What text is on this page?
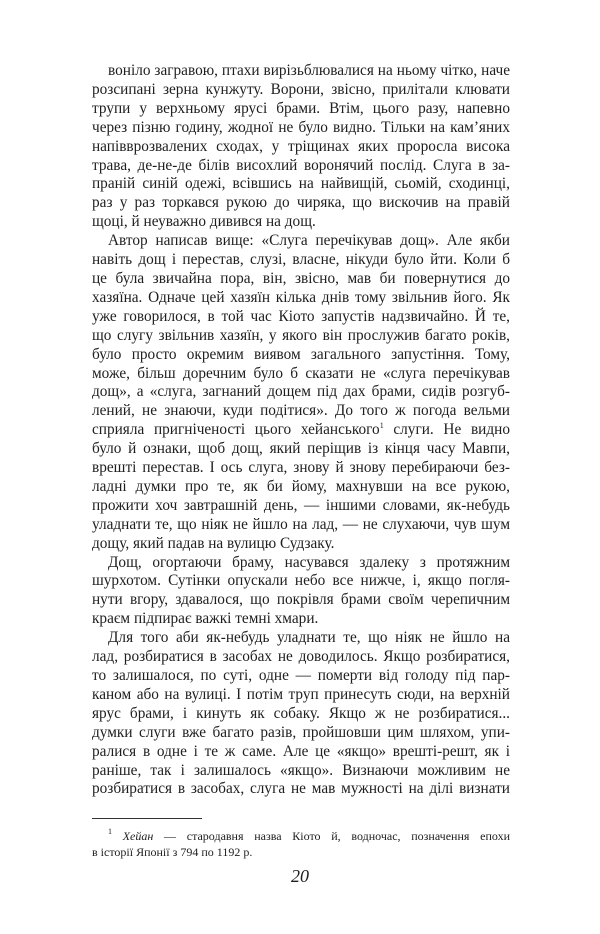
воніло загравою, птахи вирізьблювалися на ньому чітко, наче
розсипані зерна кунжуту. Ворони, звісно, прилітали клювати
трупи у верхньому ярусі брами. Втім, цього разу, напевно
через пізню годину, жодної не було видно. Тільки на кам’яних
напівврозвалених сходах, у тріщинах яких проросла висока
трава, де-не-де білів висохлий воронячий послід. Слуга в за-
праній синій одежі, всівшись на найвищій, сьомій, сходинці,
раз у раз торкався рукою до чиряка, що вискочив на правій
щоці, й неуважно дивився на дощ.
Автор написав вище: «Слуга перечікував дощ». Але якби
навіть дощ і перестав, слузі, власне, нікуди було йти. Коли б
це була звичайна пора, він, звісно, мав би повернутися до
хазяїна. Одначе цей хазяїн кілька днів тому звільнив його. Як
уже говорилося, в той час Кіото запустів надзвичайно. Й те,
що слугу звільнив хазяїн, у якого він прослужив багато років,
було просто окремим виявом загального запустіння. Тому,
може, більш доречним було б сказати не «слуга перечікував
дощ», а «слуга, загнаний дощем під дах брами, сидів розгуб-
лений, не знаючи, куди подітися». До того ж погода вельми
сприяла пригніченості цього хейанського$^1$ слуги. Не видно
було й ознаки, щоб дощ, який періщив із кінця часу Мавпи,
врешті перестав. І ось слуга, знову й знову перебираючи без-
ладні думки про те, як би йому, махнувши на все рукою,
прожити хоч завтрашній день, — іншими словами, як-небудь
уладнати те, що ніяк не йшло на лад, — не слухаючи, чув шум
дощу, який падав на вулицю Судзаку.
Дощ, огортаючи браму, насувався здалеку з протяжним
шурхотом. Сутінки опускали небо все нижче, і, якщо погля-
нути вгору, здавалося, що покрівля брами своїм черепичним
краєм підпирає важкі темні хмари.
Для того аби як-небудь уладнати те, що ніяк не йшло на
лад, розбиратися в засобах не доводилось. Якщо розбиратися,
то залишалося, по суті, одне — померти від голоду під пар-
каном або на вулиці. І потім труп принесуть сюди, на верхній
ярус брами, і кинуть як собаку. Якщо ж не розбиратися...
думки слуги вже багато разів, пройшовши цим шляхом, упи-
ралися в одне і те ж саме. Але це «якщо» врешті-решт, як і
раніше, так і залишалось «якщо». Визнаючи можливим не
розбиратися в засобах, слуга не мав мужності на ділі визнати
$^1$ Хейан — стародавня назва Кіото й, водночас, позначення епохи
в історії Японії з 794 по 1192 р.
20
